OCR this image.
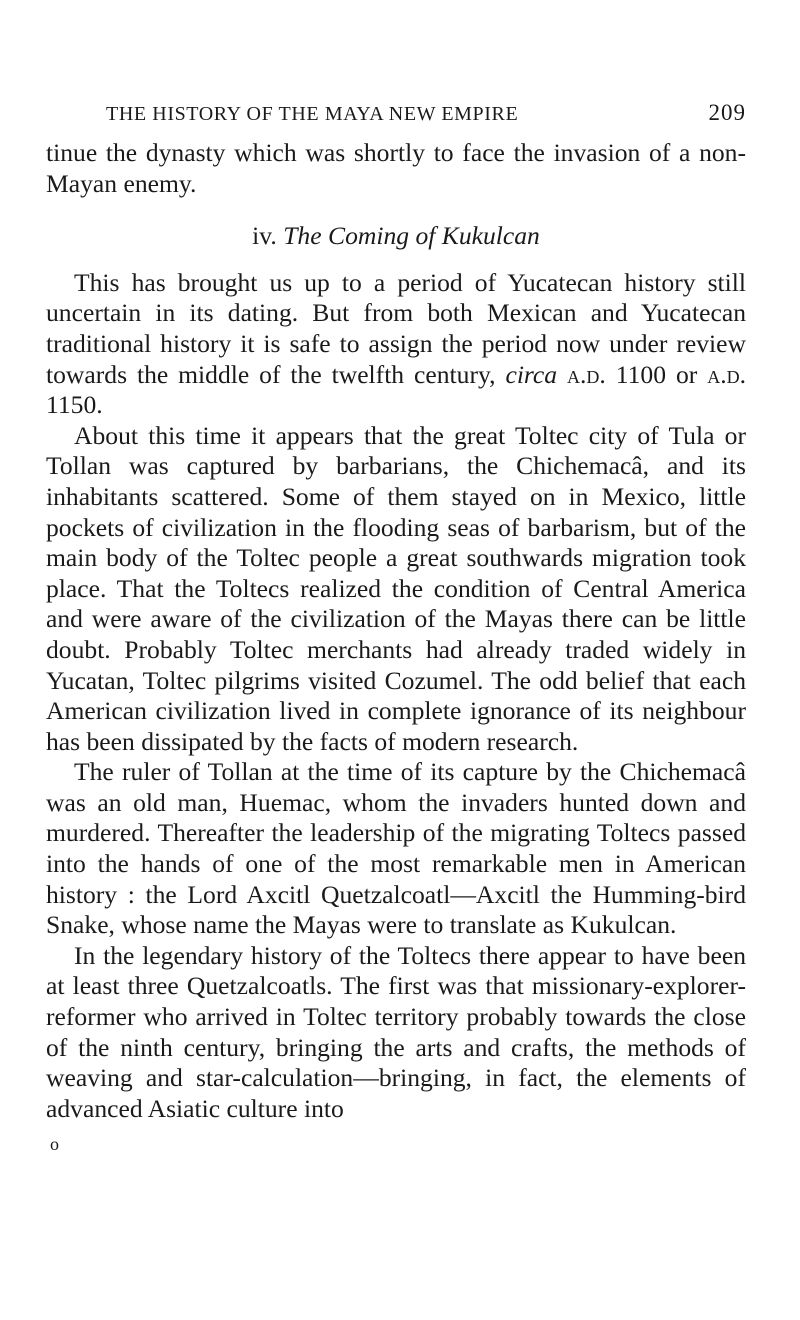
THE HISTORY OF THE MAYA NEW EMPIRE	209

tinue the dynasty which was shortly to face the invasion of a non-Mayan enemy.

iv. The Coming of Kukulcan

This has brought us up to a period of Yucatecan history still uncertain in its dating. But from both Mexican and Yucatecan traditional history it is safe to assign the period now under review towards the middle of the twelfth century, circa a.d. 1100 or a.d. 1150.

About this time it appears that the great Toltec city of Tula or Tollan was captured by barbarians, the Chichemacâ, and its inhabitants scattered. Some of them stayed on in Mexico, little pockets of civilization in the flooding seas of barbarism, but of the main body of the Toltec people a great southwards migration took place. That the Toltecs realized the condition of Central America and were aware of the civilization of the Mayas there can be little doubt. Probably Toltec merchants had already traded widely in Yucatan, Toltec pilgrims visited Cozumel. The odd belief that each American civilization lived in complete ignorance of its neighbour has been dissipated by the facts of modern research.

The ruler of Tollan at the time of its capture by the Chichemacâ was an old man, Huemac, whom the invaders hunted down and murdered. Thereafter the leadership of the migrating Toltecs passed into the hands of one of the most remarkable men in American history : the Lord Axcitl Quetzalcoatl—Axcitl the Humming-bird Snake, whose name the Mayas were to translate as Kukulcan.

In the legendary history of the Toltecs there appear to have been at least three Quetzalcoatls. The first was that missionary-explorer-reformer who arrived in Toltec territory probably towards the close of the ninth century, bringing the arts and crafts, the methods of weaving and star-calculation—bringing, in fact, the elements of advanced Asiatic culture into

o
